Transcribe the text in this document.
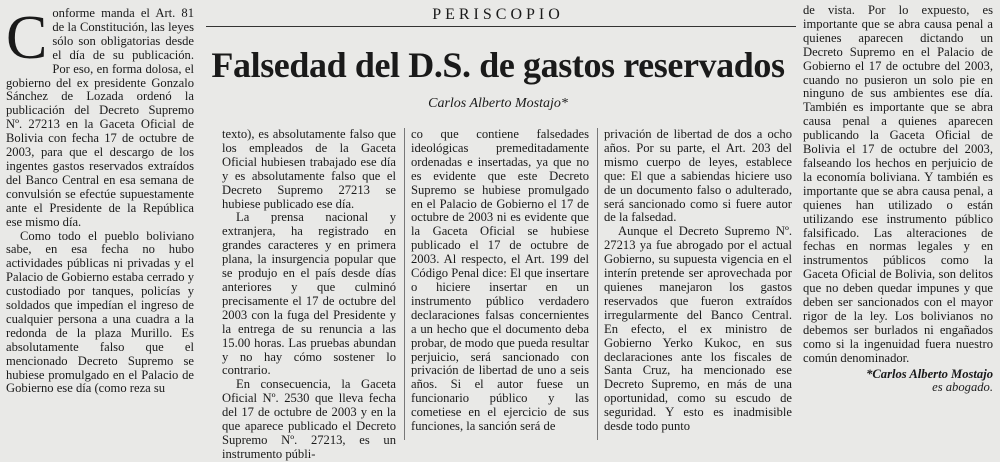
PERISCOPIO
Falsedad del D.S. de gastos reservados
Carlos Alberto Mostajo*
C onforme manda el Art. 81 de la Constitución, las leyes sólo son obligatorias desde el día de su publicación. Por eso, en forma dolosa, el gobierno del ex presidente Gonzalo Sánchez de Lozada ordenó la publicación del Decreto Supremo Nº. 27213 en la Gaceta Oficial de Bolivia con fecha 17 de octubre de 2003, para que el descargo de los ingentes gastos reservados extraídos del Banco Central en esa semana de convulsión se efectúe supuestamente ante el Presidente de la República ese mismo día.

Como todo el pueblo boliviano sabe, en esa fecha no hubo actividades públicas ni privadas y el Palacio de Gobierno estaba cerrado y custodiado por tanques, policías y soldados que impedían el ingreso de cualquier persona a una cuadra a la redonda de la plaza Murillo. Es absolutamente falso que el mencionado Decreto Supremo se hubiese promulgado en el Palacio de Gobierno ese día (como reza su

texto), es absolutamente falso que los empleados de la Gaceta Oficial hubiesen trabajado ese día y es absolutamente falso que el Decreto Supremo 27213 se hubiese publicado ese día.

La prensa nacional y extranjera, ha registrado en grandes caracteres y en primera plana, la insurgencia popular que se produjo en el país desde días anteriores y que culminó precisamente el 17 de octubre del 2003 con la fuga del Presidente y la entrega de su renuncia a las 15.00 horas. Las pruebas abundan y no hay cómo sostener lo contrario.

En consecuencia, la Gaceta Oficial Nº. 2530 que lleva fecha del 17 de octubre de 2003 y en la que aparece publicado el Decreto Supremo Nº. 27213, es un instrumento públi-

co que contiene falsedades ideológicas premeditadamente ordenadas e insertadas, ya que no es evidente que este Decreto Supremo se hubiese promulgado en el Palacio de Gobierno el 17 de octubre de 2003 ni es evidente que la Gaceta Oficial se hubiese publicado el 17 de octubre de 2003. Al respecto, el Art. 199 del Código Penal dice: El que insertare o hiciere insertar en un instrumento público verdadero declaraciones falsas concernientes a un hecho que el documento deba probar, de modo que pueda resultar perjuicio, será sancionado con privación de libertad de uno a seis años. Si el autor fuese un funcionario público y las cometiese en el ejercicio de sus funciones, la sanción será de

privación de libertad de dos a ocho años. Por su parte, el Art. 203 del mismo cuerpo de leyes, establece que: El que a sabiendas hiciere uso de un documento falso o adulterado, será sancionado como si fuere autor de la falsedad.

Aunque el Decreto Supremo Nº. 27213 ya fue abrogado por el actual Gobierno, su supuesta vigencia en el interín pretende ser aprovechada por quienes manejaron los gastos reservados que fueron extraídos irregularmente del Banco Central. En efecto, el ex ministro de Gobierno Yerko Kukoc, en sus declaraciones ante los fiscales de Santa Cruz, ha mencionado ese Decreto Supremo, en más de una oportunidad, como su escudo de seguridad. Y esto es inadmisible desde todo punto

de vista. Por lo expuesto, es importante que se abra causa penal a quienes aparecen dictando un Decreto Supremo en el Palacio de Gobierno el 17 de octubre del 2003, cuando no pusieron un solo pie en ninguno de sus ambientes ese día. También es importante que se abra causa penal a quienes aparecen publicando la Gaceta Oficial de Bolivia el 17 de octubre del 2003, falseando los hechos en perjuicio de la economía boliviana. Y también es importante que se abra causa penal, a quienes han utilizado o están utilizando ese instrumento público falsificado. Las alteraciones de fechas en normas legales y en instrumentos públicos como la Gaceta Oficial de Bolivia, son delitos que no deben quedar impunes y que deben ser sancionados con el mayor rigor de la ley. Los bolivianos no debemos ser burlados ni engañados como si la ingenuidad fuera nuestro común denominador.

*Carlos Alberto Mostajo
es abogado.
